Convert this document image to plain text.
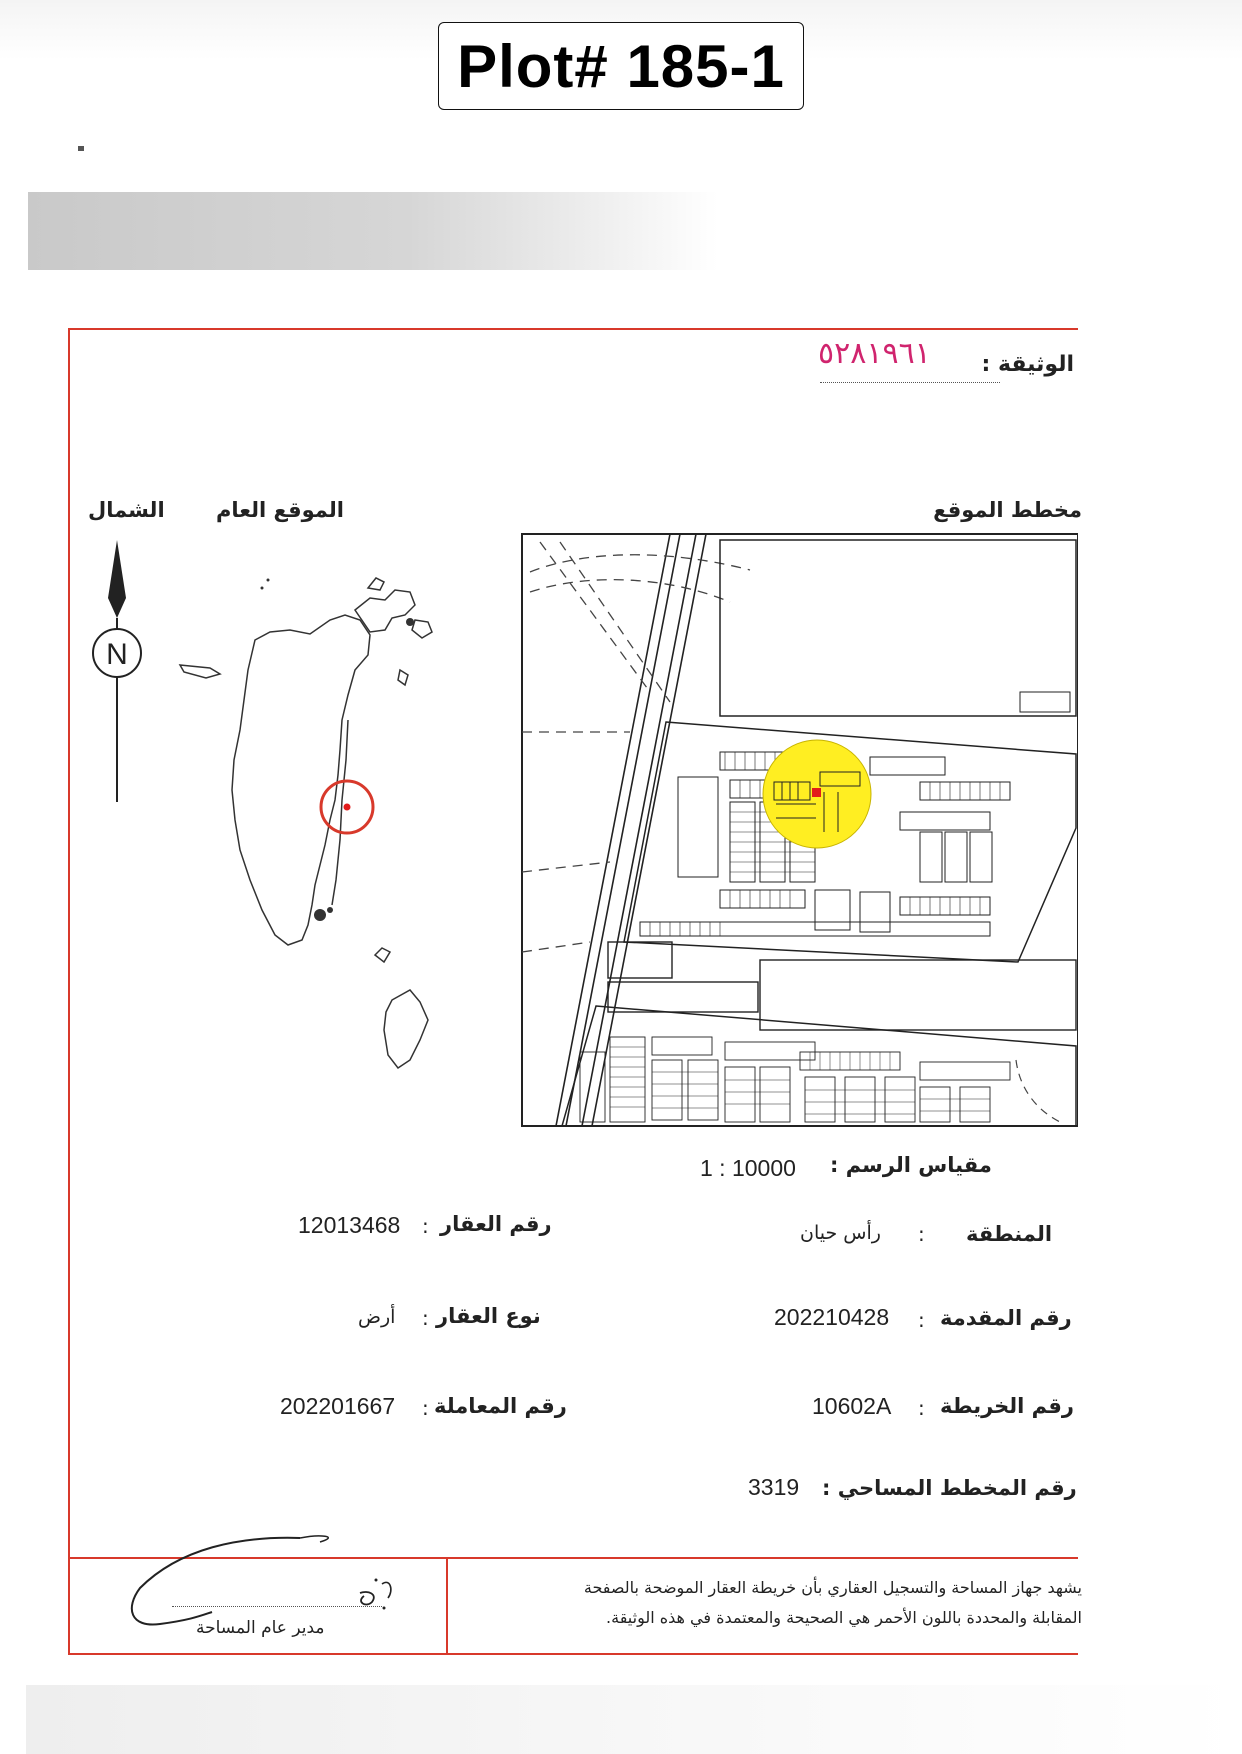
Plot# 185-1
الوثيقة :
٥٢٨١٩٦١
الموقع العام
الشمال	مخطط الموقع
N
مقياس الرسم :
1 : 10000
رقم العقار
:
12013468
نوع العقار
:
أرض
رقم المعاملة
:
202201667
المنطقة
:
رأس حيان
رقم المقدمة
:
202210428
رقم الخريطة
:
10602A
رقم المخطط المساحي :
3319
يشهد جهاز المساحة والتسجيل العقاري بأن خريطة العقار الموضحة بالصفحة
المقابلة والمحددة باللون الأحمر هي الصحيحة والمعتمدة في هذه الوثيقة.
مدير عام المساحة
